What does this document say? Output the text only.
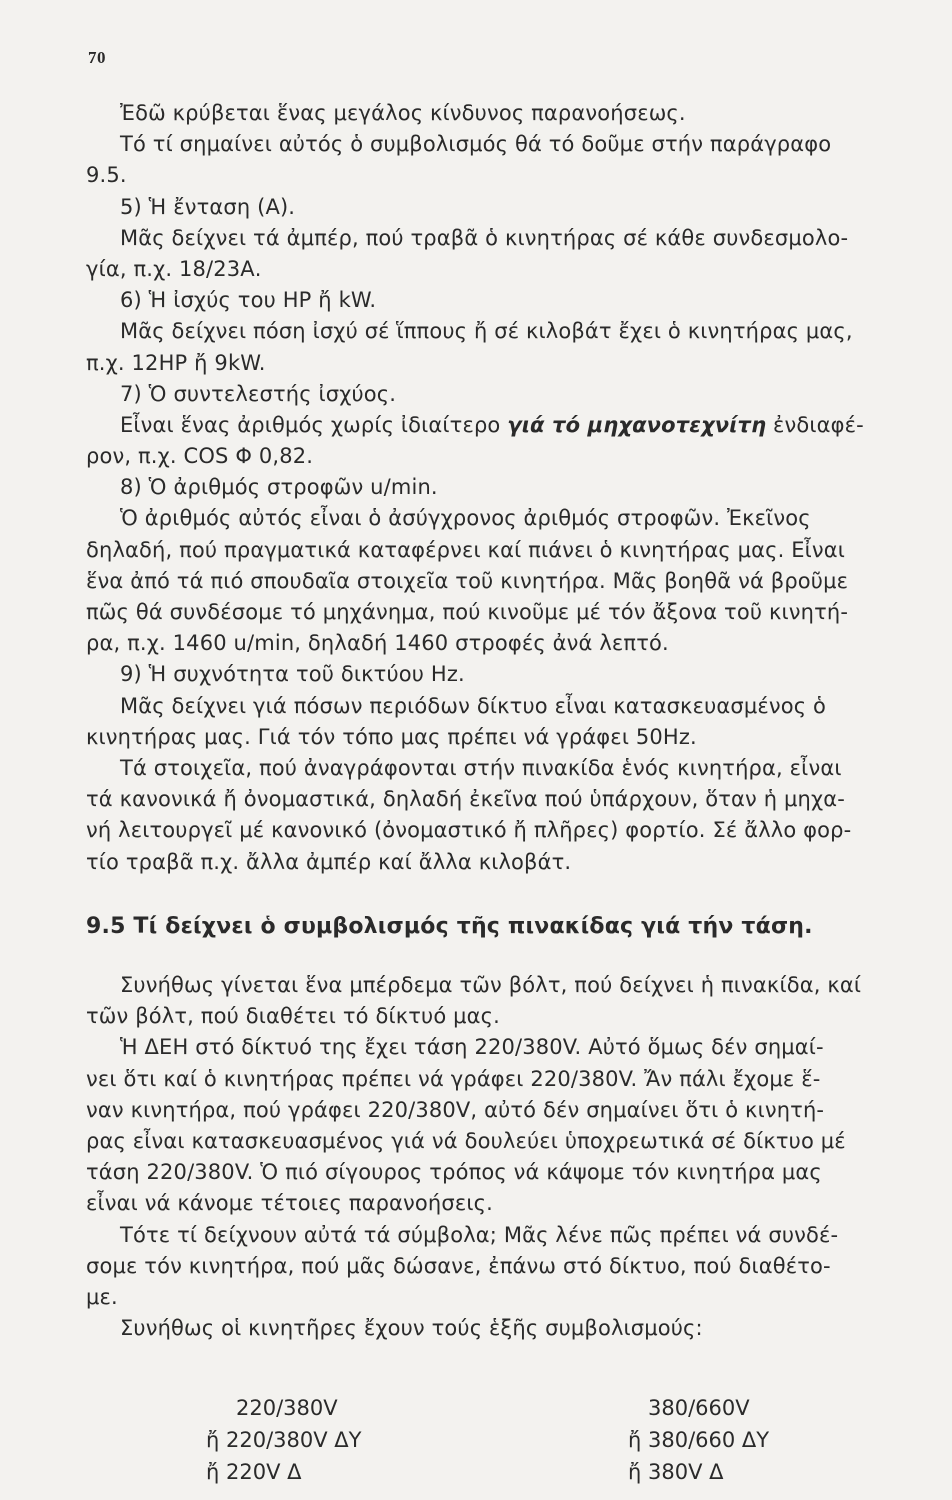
70
Ἐδῶ κρύβεται ἕνας μεγάλος κίνδυνος παρανοήσεως.
Τό τί σημαίνει αὐτός ὁ συμβολισμός θά τό δοῦμε στήν παράγραφο
9.5.
5) Ἡ ἔνταση (Α).
Μᾶς δείχνει τά ἀμπέρ, πού τραβᾶ ὁ κινητήρας σέ κάθε συνδεσμολο-
γία, π.χ. 18/23Α.
6) Ἡ ἰσχύς του HP ἤ kW.
Μᾶς δείχνει πόση ἰσχύ σέ ἵππους ἤ σέ κιλοβάτ ἔχει ὁ κινητήρας μας,
π.χ. 12HP ἤ 9kW.
7) Ὁ συντελεστής ἰσχύος.
Εἶναι ἕνας ἀριθμός χωρίς ἰδιαίτερο γιά τό μηχανοτεχνίτη ἐνδιαφέ-
ρον, π.χ. COS Φ 0,82.
8) Ὁ ἀριθμός στροφῶν u/min.
Ὁ ἀριθμός αὐτός εἶναι ὁ ἀσύγχρονος ἀριθμός στροφῶν. Ἐκεῖνος
δηλαδή, πού πραγματικά καταφέρνει καί πιάνει ὁ κινητήρας μας. Εἶναι
ἕνα ἀπό τά πιό σπουδαῖα στοιχεῖα τοῦ κινητήρα. Μᾶς βοηθᾶ νά βροῦμε
πῶς θά συνδέσομε τό μηχάνημα, πού κινοῦμε μέ τόν ἄξονα τοῦ κινητή-
ρα, π.χ. 1460 u/min, δηλαδή 1460 στροφές ἀνά λεπτό.
9) Ἡ συχνότητα τοῦ δικτύου Hz.
Μᾶς δείχνει γιά πόσων περιόδων δίκτυο εἶναι κατασκευασμένος ὁ
κινητήρας μας. Γιά τόν τόπο μας πρέπει νά γράφει 50Hz.
Τά στοιχεῖα, πού ἀναγράφονται στήν πινακίδα ἑνός κινητήρα, εἶναι
τά κανονικά ἤ ὀνομαστικά, δηλαδή ἐκεῖνα πού ὑπάρχουν, ὅταν ἡ μηχα-
νή λειτουργεῖ μέ κανονικό (ὀνομαστικό ἤ πλῆρες) φορτίο. Σέ ἄλλο φορ-
τίο τραβᾶ π.χ. ἄλλα ἀμπέρ καί ἄλλα κιλοβάτ.
9.5 Τί δείχνει ὁ συμβολισμός τῆς πινακίδας γιά τήν τάση.
Συνήθως γίνεται ἕνα μπέρδεμα τῶν βόλτ, πού δείχνει ἡ πινακίδα, καί
τῶν βόλτ, πού διαθέτει τό δίκτυό μας.
Ἡ ΔΕΗ στό δίκτυό της ἔχει τάση 220/380V. Αὐτό ὅμως δέν σημαί-
νει ὅτι καί ὁ κινητήρας πρέπει νά γράφει 220/380V. Ἄν πάλι ἔχομε ἕ-
ναν κινητήρα, πού γράφει 220/380V, αὐτό δέν σημαίνει ὅτι ὁ κινητή-
ρας εἶναι κατασκευασμένος γιά νά δουλεύει ὑποχρεωτικά σέ δίκτυο μέ
τάση 220/380V. Ὁ πιό σίγουρος τρόπος νά κάψομε τόν κινητήρα μας
εἶναι νά κάνομε τέτοιες παρανοήσεις.
Τότε τί δείχνουν αὐτά τά σύμβολα; Μᾶς λένε πῶς πρέπει νά συνδέ-
σομε τόν κινητήρα, πού μᾶς δώσανε, ἐπάνω στό δίκτυο, πού διαθέτο-
με.
Συνήθως οἱ κινητῆρες ἔχουν τούς ἑξῆς συμβολισμούς:
220/380V
ἤ 220/380V ΔΥ
ἤ 220V Δ
380/660V
ἤ 380/660 ΔΥ
ἤ 380V Δ
